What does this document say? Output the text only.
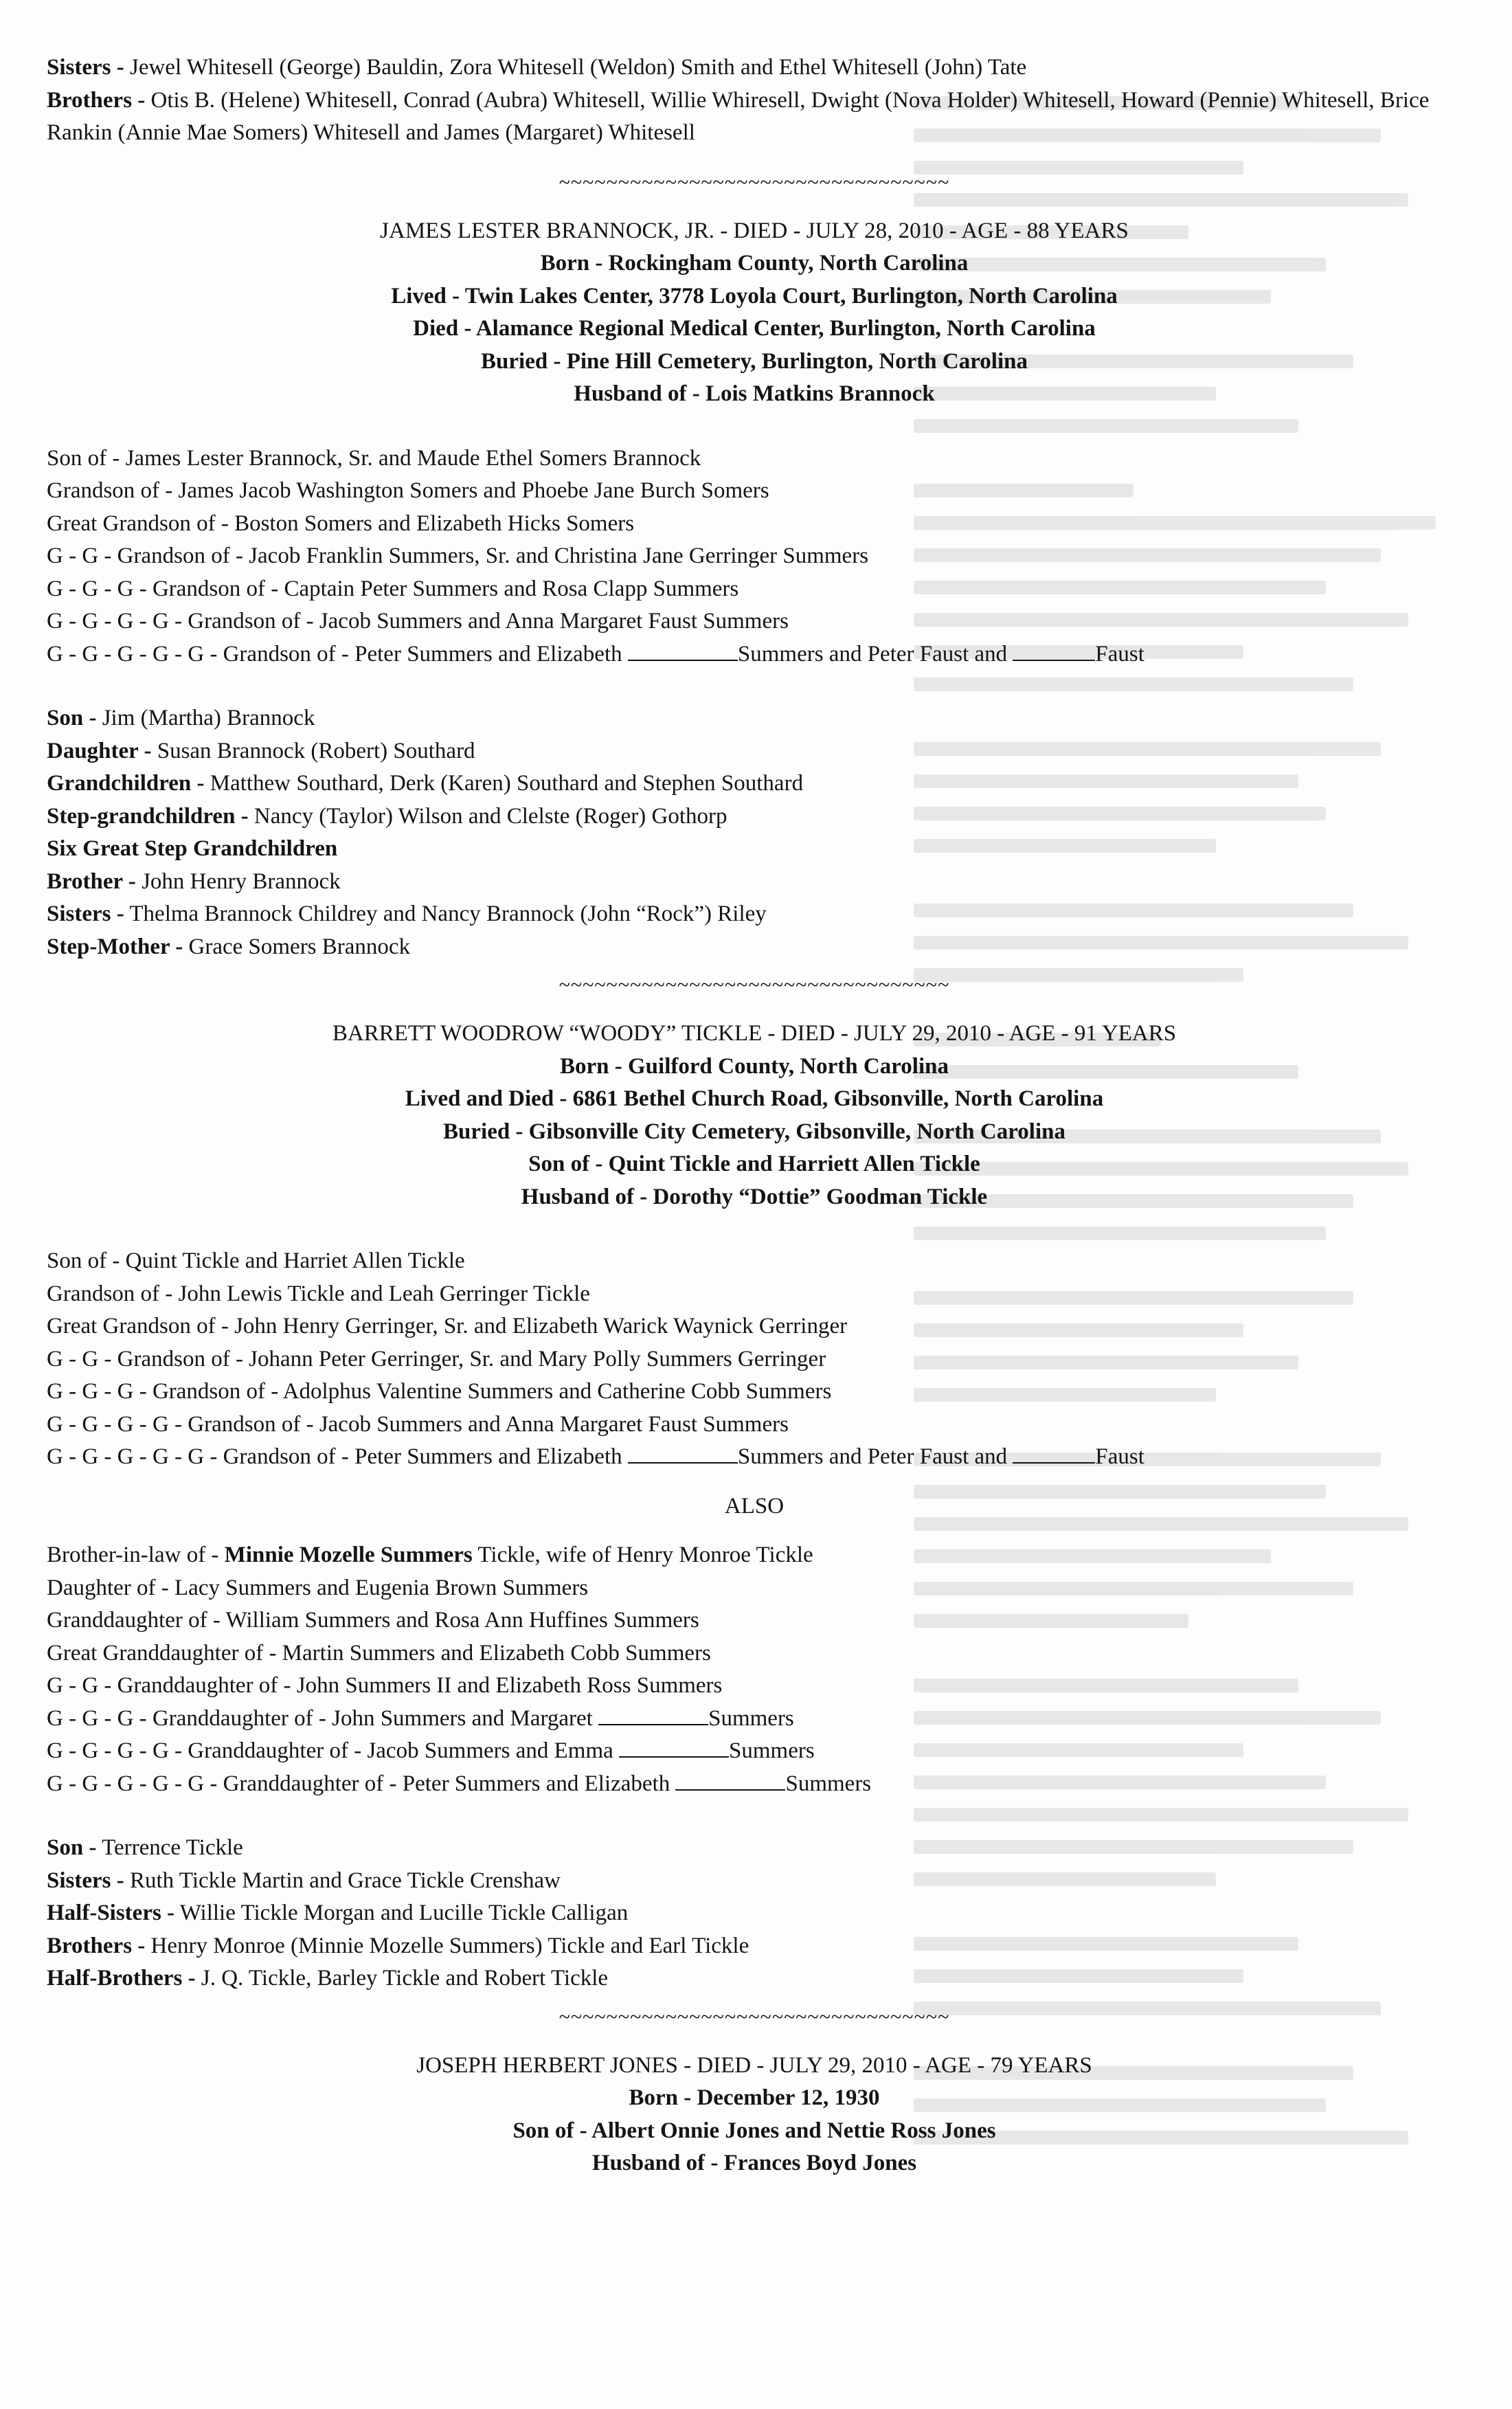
Sisters - Jewel Whitesell (George) Bauldin, Zora Whitesell (Weldon) Smith and Ethel Whitesell (John) Tate
Brothers - Otis B. (Helene) Whitesell, Conrad (Aubra) Whitesell, Willie Whiresell, Dwight (Nova Holder) Whitesell, Howard (Pennie) Whitesell, Brice Rankin (Annie Mae Somers) Whitesell and James (Margaret) Whitesell
~~~~~~~~~~~~~~~~~~~~~~~~~~~~~~~~~
JAMES LESTER BRANNOCK, JR. - DIED - JULY 28, 2010 - AGE - 88 YEARS
Born - Rockingham County, North Carolina
Lived - Twin Lakes Center, 3778 Loyola Court, Burlington, North Carolina
Died - Alamance Regional Medical Center, Burlington, North Carolina
Buried - Pine Hill Cemetery, Burlington, North Carolina
Husband of - Lois Matkins Brannock
Son of - James Lester Brannock, Sr. and Maude Ethel Somers Brannock
Grandson of - James Jacob Washington Somers and Phoebe Jane Burch Somers
Great Grandson of - Boston Somers and Elizabeth Hicks Somers
G - G - Grandson of - Jacob Franklin Summers, Sr. and Christina Jane Gerringer Summers
G - G - G - Grandson of - Captain Peter Summers and Rosa Clapp Summers
G - G - G - G - Grandson of - Jacob Summers and Anna Margaret Faust Summers
G - G - G - G - G - Grandson of - Peter Summers and Elizabeth	Summers and Peter Faust and	Faust
Son - Jim (Martha) Brannock
Daughter - Susan Brannock (Robert) Southard
Grandchildren - Matthew Southard, Derk (Karen) Southard and Stephen Southard
Step-grandchildren - Nancy (Taylor) Wilson and Clelste (Roger) Gothorp
Six Great Step Grandchildren
Brother - John Henry Brannock
Sisters - Thelma Brannock Childrey and Nancy Brannock (John “Rock”) Riley
Step-Mother - Grace Somers Brannock
~~~~~~~~~~~~~~~~~~~~~~~~~~~~~~~~~
BARRETT WOODROW “WOODY” TICKLE - DIED - JULY 29, 2010 - AGE - 91 YEARS
Born - Guilford County, North Carolina
Lived and Died - 6861 Bethel Church Road, Gibsonville, North Carolina
Buried - Gibsonville City Cemetery, Gibsonville, North Carolina
Son of - Quint Tickle and Harriett Allen Tickle
Husband of - Dorothy “Dottie” Goodman Tickle
Son of - Quint Tickle and Harriet Allen Tickle
Grandson of - John Lewis Tickle and Leah Gerringer Tickle
Great Grandson of - John Henry Gerringer, Sr. and Elizabeth Warick Waynick Gerringer
G - G - Grandson of - Johann Peter Gerringer, Sr. and Mary Polly Summers Gerringer
G - G - G - Grandson of - Adolphus Valentine Summers and Catherine Cobb Summers
G - G - G - G - Grandson of - Jacob Summers and Anna Margaret Faust Summers
G - G - G - G - G - Grandson of - Peter Summers and Elizabeth	Summers and Peter Faust and	Faust
ALSO
Brother-in-law of - Minnie Mozelle Summers Tickle, wife of Henry Monroe Tickle
Daughter of - Lacy Summers and Eugenia Brown Summers
Granddaughter of - William Summers and Rosa Ann Huffines Summers
Great Granddaughter of - Martin Summers and Elizabeth Cobb Summers
G - G - Granddaughter of - John Summers II and Elizabeth Ross Summers
G - G - G - Granddaughter of - John Summers and Margaret	Summers
G - G - G - G - Granddaughter of - Jacob Summers and Emma	Summers
G - G - G - G - G - Granddaughter of - Peter Summers and Elizabeth	Summers
Son - Terrence Tickle
Sisters - Ruth Tickle Martin and Grace Tickle Crenshaw
Half-Sisters - Willie Tickle Morgan and Lucille Tickle Calligan
Brothers - Henry Monroe (Minnie Mozelle Summers) Tickle and Earl Tickle
Half-Brothers - J. Q. Tickle, Barley Tickle and Robert Tickle
~~~~~~~~~~~~~~~~~~~~~~~~~~~~~~~~~
JOSEPH HERBERT JONES - DIED - JULY 29, 2010 - AGE - 79 YEARS
Born - December 12, 1930
Son of - Albert Onnie Jones and Nettie Ross Jones
Husband of - Frances Boyd Jones
